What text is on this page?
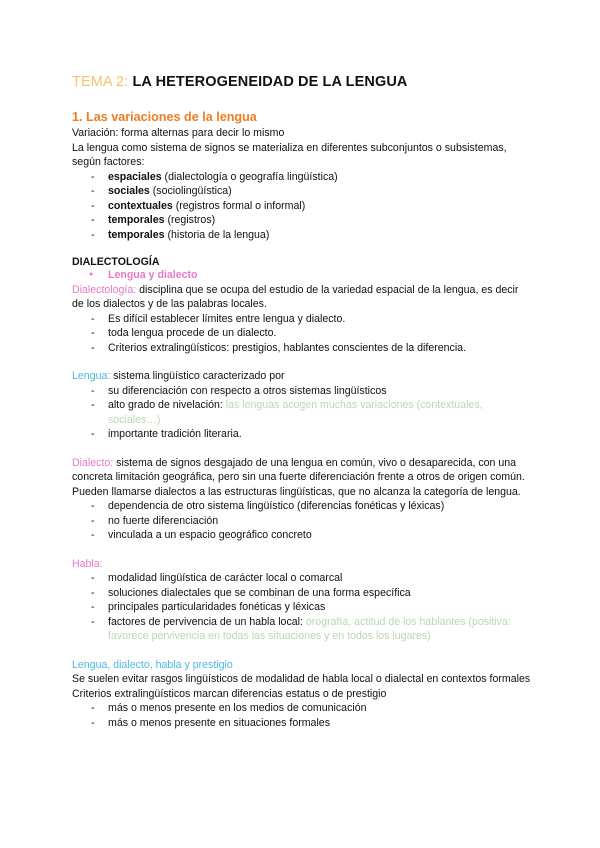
TEMA 2: LA HETEROGENEIDAD DE LA LENGUA
1. Las variaciones de la lengua

Variación: forma alternas para decir lo mismo

La lengua como sistema de signos se materializa en diferentes subconjuntos o subsistemas, según factores:

- espaciales (dialectología o geografía lingüística)
- sociales (sociolingüística)
- contextuales (registros formal o informal)
- temporales (registros)
- temporales (historia de la lengua)
DIALECTOLOGÍA
● Lengua y dialecto

Dialectología: disciplina que se ocupa del estudio de la variedad espacial de la lengua, es decir de los dialectos y de las palabras locales.

- Es difícil establecer límites entre lengua y dialecto.
- toda lengua procede de un dialecto.
- Criterios extralingüísticos: prestigios, hablantes conscientes de la diferencia.

Lengua: sistema lingüístico caracterizado por

- su diferenciación con respecto a otros sistemas lingüísticos
- alto grado de nivelación: las lenguas acogen muchas variaciones (contextuales, sociales…)
- importante tradición literaria.

Dialecto: sistema de signos desgajado de una lengua en común, vivo o desaparecida, con una concreta limitación geográfica, pero sin una fuerte diferenciación frente a otros de origen común. Pueden llamarse dialectos a las estructuras lingüísticas, que no alcanza la categoría de lengua.

- dependencia de otro sistema lingüístico (diferencias fonéticas y léxicas)
- no fuerte diferenciación
- vinculada a un espacio geográfico concreto

Habla:

- modalidad lingüística de carácter local o comarcal
- soluciones dialectales que se combinan de una forma específica
- principales particularidades fonéticas y léxicas
- factores de pervivencia de un habla local: orografía, actitud de los hablantes (positiva: favorece pervivencia en todas las situaciones y en todos los lugares)

Lengua, dialecto, habla y prestigio

Se suelen evitar rasgos lingüísticos de modalidad de habla local o dialectal en contextos formales

Criterios extralingüísticos marcan diferencias estatus o de prestigio

- más o menos presente en los medios de comunicación
- más o menos presente en situaciones formales
